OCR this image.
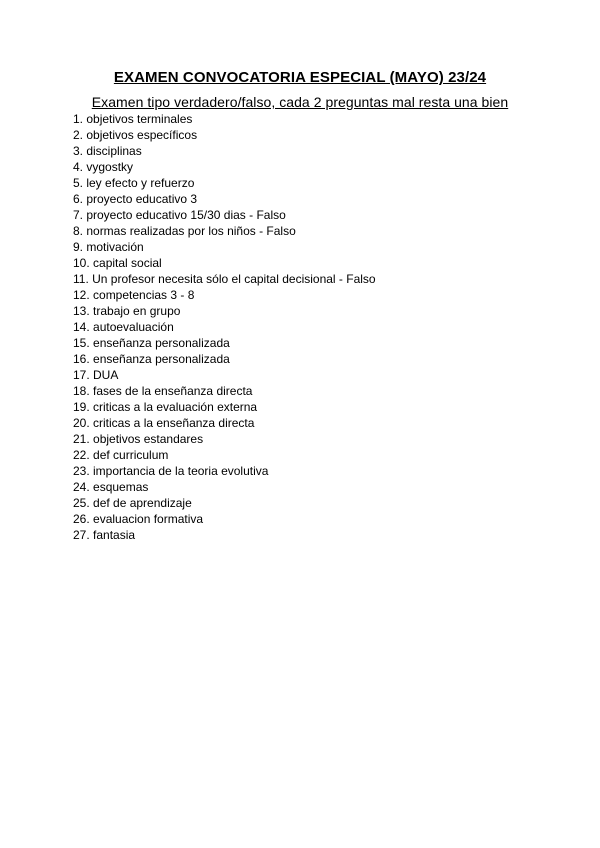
EXAMEN CONVOCATORIA ESPECIAL (MAYO) 23/24
Examen tipo verdadero/falso, cada 2 preguntas mal resta una bien
1. objetivos terminales
2. objetivos específicos
3. disciplinas
4. vygostky
5. ley efecto y refuerzo
6. proyecto educativo 3
7. proyecto educativo 15/30 dias - Falso
8. normas realizadas por los niños - Falso
9. motivación
10. capital social
11. Un profesor necesita sólo el capital decisional - Falso
12. competencias 3 - 8
13. trabajo en grupo
14. autoevaluación
15. enseñanza personalizada
16. enseñanza personalizada
17. DUA
18. fases de la enseñanza directa
19. criticas a la evaluación externa
20. criticas a la enseñanza directa
21. objetivos estandares
22. def curriculum
23. importancia de la teoria evolutiva
24. esquemas
25. def de aprendizaje
26. evaluacion formativa
27. fantasia
